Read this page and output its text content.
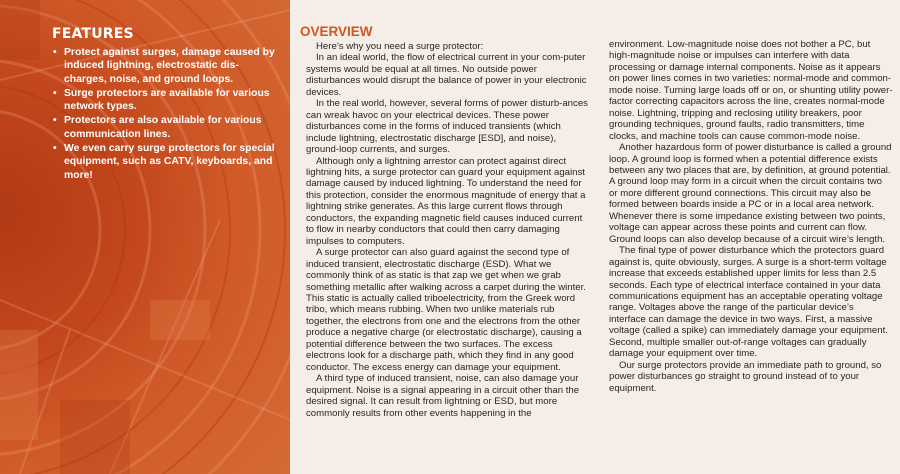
FEATURES
• Protect against surges, damage caused by induced lightning, electrostatic dis-charges, noise, and ground loops.
• Surge protectors are available for various network types.
• Protectors are also available for various communication lines.
• We even carry surge protectors for special equipment, such as CATV, keyboards, and more!
OVERVIEW

Here’s why you need a surge protector:

In an ideal world, the flow of electrical current in your com-puter systems would be equal at all times. No outside power disturbances would disrupt the balance of power in your electronic devices.

In the real world, however, several forms of power disturb-ances can wreak havoc on your electrical devices. These power disturbances come in the forms of induced transients (which include lightning, electrostatic discharge [ESD], and noise), ground-loop currents, and surges.

Although only a lightning arrestor can protect against direct lightning hits, a surge protector can guard your equipment against damage caused by induced lightning. To understand the need for this protection, consider the enormous magnitude of energy that a lightning strike generates. As this large current flows through conductors, the expanding magnetic field causes induced current to flow in nearby conductors that could then carry damaging impulses to computers.

A surge protector can also guard against the second type of induced transient, electrostatic discharge (ESD). What we commonly think of as static is that zap we get when we grab something metallic after walking across a carpet during the winter. This static is actually called triboelectricity, from the Greek word tribo, which means rubbing. When two unlike materials rub together, the electrons from one and the electrons from the other produce a negative charge (or electrostatic discharge), causing a potential difference between the two surfaces. The excess electrons look for a discharge path, which they find in any good conductor. The excess energy can damage your equipment.

A third type of induced transient, noise, can also damage your equipment. Noise is a signal appearing in a circuit other than the desired signal. It can result from lightning or ESD, but more commonly results from other events happening in the

environment. Low-magnitude noise does not bother a PC, but high-magnitude noise or impulses can interfere with data processing or damage internal components. Noise as it appears on power lines comes in two varieties: normal-mode and common-mode noise. Turning large loads off or on, or shunting utility power-factor correcting capacitors across the line, creates normal-mode noise. Lightning, tripping and reclosing utility breakers, poor grounding techniques, ground faults, radio transmitters, time clocks, and machine tools can cause common-mode noise.

Another hazardous form of power disturbance is called a ground loop. A ground loop is formed when a potential difference exists between any two places that are, by definition, at ground potential. A ground loop may form in a circuit when the circuit contains two or more different ground connections. This circuit may also be formed between boards inside a PC or in a local area network. Whenever there is some impedance existing between two points, voltage can appear across these points and current can flow. Ground loops can also develop because of a circuit wire’s length.

The final type of power disturbance which the protectors guard against is, quite obviously, surges. A surge is a short-term voltage increase that exceeds established upper limits for less than 2.5 seconds. Each type of electrical interface contained in your data communications equipment has an acceptable operating voltage range. Voltages above the range of the particular device’s interface can damage the device in two ways. First, a massive voltage (called a spike) can immediately damage your equipment. Second, multiple smaller out-of-range voltages can gradually damage your equipment over time.

Our surge protectors provide an immediate path to ground, so power disturbances go straight to ground instead of to your equipment.
